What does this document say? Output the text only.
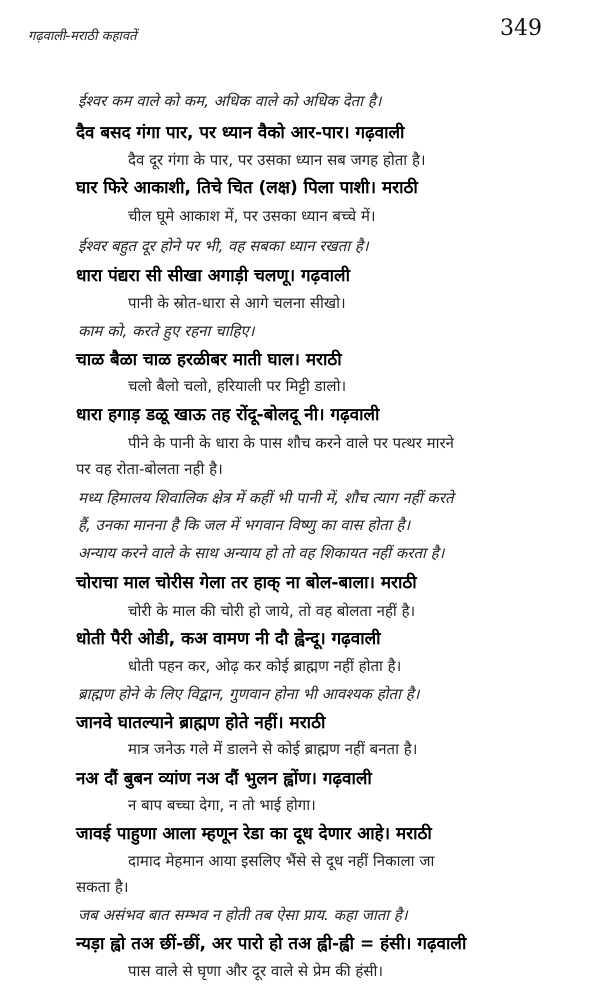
गढ़वाली-मराठी कहावतें	349
ईश्वर कम वाले को कम, अधिक वाले को अधिक देता है।
दैव बसद गंगा पार, पर ध्यान वैको आर-पार। गढ़वाली
दैव दूर गंगा के पार, पर उसका ध्यान सब जगह होता है।
घार फिरे आकाशी, तिचे चित (लक्ष) पिला पाशी। मराठी
चील घूमे आकाश में, पर उसका ध्यान बच्चे में।
ईश्वर बहुत दूर होने पर भी, वह सबका ध्यान रखता है।
धारा पंद्यरा सी सीखा अगाड़ी चलणू। गढ़वाली
पानी के स्रोत-धारा से आगे चलना सीखो।
काम को, करते हुए रहना चाहिए।
चाळ बैळा चाळ हरळीबर माती घाल। मराठी
चलो बैलो चलो, हरियाली पर मिट्टी डालो।
धारा हगाड़ डळू खाऊ तह रोंदू-बोलदू नी। गढ़वाली
पीने के पानी के धारा के पास शौच करने वाले पर पत्थर मारने
पर वह रोता-बोलता नही है।
मध्य हिमालय शिवालिक क्षेत्र में कहीं भी पानी में, शौच त्याग नहीं करते
हैं, उनका मानना है कि जल में भगवान विष्णु का वास होता है।
अन्याय करने वाले के साथ अन्याय हो तो वह शिकायत नहीं करता है।
चोराचा माल चोरीस गेला तर हाक् ना बोल-बाला। मराठी
चोरी के माल की चोरी हो जाये, तो वह बोलता नहीं है।
धोती पैरी ओडी, कअ वामण नी दौ ह्वेन्दू। गढ़वाली
धोती पहन कर, ओढ़ कर कोई ब्राह्मण नहीं होता है।
ब्राह्मण होने के लिए विद्वान, गुणवान होना भी आवश्यक होता है।
जानवे घातल्याने ब्राह्मण होते नहीं। मराठी
मात्र जनेऊ गले में डालने से कोई ब्राह्मण नहीं बनता है।
नअ दौं बुबन व्यांण नअ दौं भुलन ह्वोंण। गढ़वाली
न बाप बच्चा देगा, न तो भाई होगा।
जावई पाहुणा आला म्हणून रेडा का दूध देणार आहे। मराठी
दामाद मेहमान आया इसलिए भैंसे से दूध नहीं निकाला जा
सकता है।
जब असंभव बात सम्भव न होती तब ऐसा प्राय. कहा जाता है।
न्यड़ा ह्वो तअ छीं-छीं, अर पारो हो तअ ह्वी-ह्वी = हंसी। गढ़वाली
पास वाले से घृणा और दूर वाले से प्रेम की हंसी।
